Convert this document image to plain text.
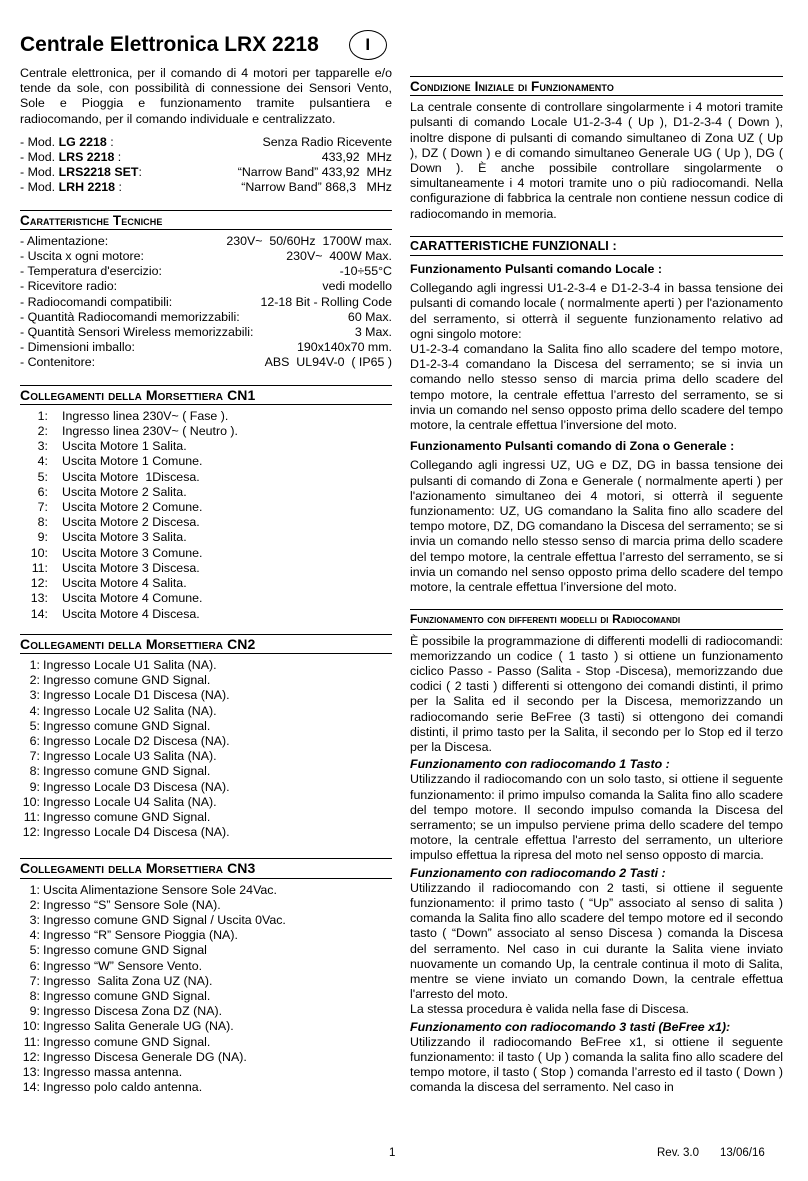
Centrale Elettronica LRX 2218	I

Centrale elettronica, per il comando di 4 motori per tapparelle e/o tende da sole, con possibilità di connessione dei Sensori Vento, Sole e Pioggia e funzionamento tramite pulsantiera e radiocomando, per il comando individuale e centralizzato.

- Mod. LG 2218 :	Senza Radio Ricevente
- Mod. LRS 2218 :	433,92  MHz
- Mod. LRS2218 SET:	“Narrow Band” 433,92  MHz
- Mod. LRH 2218 :	“Narrow Band” 868,3   MHz
Caratteristiche Tecniche
- Alimentazione:	230V~  50/60Hz  1700W max.
- Uscita x ogni motore:	230V~  400W Max.
- Temperatura d'esercizio:	-10÷55°C
- Ricevitore radio:	vedi modello
- Radiocomandi compatibili:	12-18 Bit - Rolling Code
- Quantità Radiocomandi memorizzabili:	60 Max.
- Quantità Sensori Wireless memorizzabili:	3 Max.
- Dimensioni imballo:	190x140x70 mm.
- Contenitore:	ABS  UL94V-0  ( IP65 )
Collegamenti della Morsettiera CN1
1: Ingresso linea 230V~ ( Fase ).
2: Ingresso linea 230V~ ( Neutro ).
3: Uscita Motore 1 Salita.
4: Uscita Motore 1 Comune.
5: Uscita Motore  1Discesa.
6: Uscita Motore 2 Salita.
7: Uscita Motore 2 Comune.
8: Uscita Motore 2 Discesa.
9: Uscita Motore 3 Salita.
10: Uscita Motore 3 Comune.
11: Uscita Motore 3 Discesa.
12: Uscita Motore 4 Salita.
13: Uscita Motore 4 Comune.
14: Uscita Motore 4 Discesa.
Collegamenti della Morsettiera CN2
1: Ingresso Locale U1 Salita (NA).
2: Ingresso comune GND Signal.
3: Ingresso Locale D1 Discesa (NA).
4: Ingresso Locale U2 Salita (NA).
5: Ingresso comune GND Signal.
6: Ingresso Locale D2 Discesa (NA).
7: Ingresso Locale U3 Salita (NA).
8: Ingresso comune GND Signal.
9: Ingresso Locale D3 Discesa (NA).
10: Ingresso Locale U4 Salita (NA).
11: Ingresso comune GND Signal.
12: Ingresso Locale D4 Discesa (NA).
Collegamenti della Morsettiera CN3
1: Uscita Alimentazione Sensore Sole 24Vac.
2: Ingresso “S” Sensore Sole (NA).
3: Ingresso comune GND Signal / Uscita 0Vac.
4: Ingresso “R” Sensore Pioggia (NA).
5: Ingresso comune GND Signal
6: Ingresso “W” Sensore Vento.
7: Ingresso  Salita Zona UZ (NA).
8: Ingresso comune GND Signal.
9: Ingresso Discesa Zona DZ (NA).
10: Ingresso Salita Generale UG (NA).
11: Ingresso comune GND Signal.
12: Ingresso Discesa Generale DG (NA).
13: Ingresso massa antenna.
14: Ingresso polo caldo antenna.
Condizione Iniziale di Funzionamento

La centrale consente di controllare singolarmente i 4 motori tramite pulsanti di comando Locale U1-2-3-4 ( Up ), D1-2-3-4 ( Down ), inoltre dispone di pulsanti di comando simultaneo di Zona UZ ( Up ), DZ ( Down ) e di comando simultaneo Generale UG ( Up ), DG ( Down ). È anche possibile controllare singolarmente o simultaneamente i 4 motori tramite uno o più radiocomandi. Nella configurazione di fabbrica la centrale non contiene nessun codice di radiocomando in memoria.

CARATTERISTICHE FUNZIONALI :

Funzionamento Pulsanti comando Locale :

Collegando agli ingressi U1-2-3-4 e D1-2-3-4 in bassa tensione dei pulsanti di comando locale ( normalmente aperti ) per l'azionamento del serramento, si otterrà il seguente funzionamento relativo ad ogni singolo motore:

U1-2-3-4 comandano la Salita fino allo scadere del tempo motore, D1-2-3-4 comandano la Discesa del serramento; se si invia un comando nello stesso senso di marcia prima dello scadere del tempo motore, la centrale effettua l’arresto del serramento, se si invia un comando nel senso opposto prima dello scadere del tempo motore, la centrale effettua l’inversione del moto.

Funzionamento Pulsanti comando di Zona o Generale :

Collegando agli ingressi UZ, UG e DZ, DG in bassa tensione dei pulsanti di comando di Zona e Generale ( normalmente aperti ) per l'azionamento simultaneo dei 4 motori, si otterrà il seguente funzionamento: UZ, UG comandano la Salita fino allo scadere del tempo motore, DZ, DG comandano la Discesa del serramento; se si invia un comando nello stesso senso di marcia prima dello scadere del tempo motore, la centrale effettua l’arresto del serramento, se si invia un comando nel senso opposto prima dello scadere del tempo motore, la centrale effettua l’inversione del moto.

Funzionamento con differenti modelli di Radiocomandi

È possibile la programmazione di differenti modelli di radiocomandi: memorizzando un codice ( 1 tasto ) si ottiene un funzionamento ciclico Passo - Passo (Salita - Stop -Discesa), memorizzando due codici ( 2 tasti ) differenti si ottengono dei comandi distinti, il primo per la Salita ed il secondo per la Discesa, memorizzando un radiocomando serie BeFree (3 tasti) si ottengono dei comandi distinti, il primo tasto per la Salita, il secondo per lo Stop ed il terzo per la Discesa.

Funzionamento con radiocomando 1 Tasto :

Utilizzando il radiocomando con un solo tasto, si ottiene il seguente funzionamento: il primo impulso comanda la Salita fino allo scadere del tempo motore. Il secondo impulso comanda la Discesa del serramento; se un impulso perviene prima dello scadere del tempo motore, la centrale effettua l'arresto del serramento, un ulteriore impulso effettua la ripresa del moto nel senso opposto di marcia.

Funzionamento con radiocomando 2 Tasti :

Utilizzando il radiocomando con 2 tasti, si ottiene il seguente funzionamento: il primo tasto ( “Up” associato al senso di salita ) comanda la Salita fino allo scadere del tempo motore ed il secondo tasto ( “Down” associato al senso Discesa ) comanda la Discesa del serramento. Nel caso in cui durante la Salita viene inviato nuovamente un comando Up, la centrale continua il moto di Salita, mentre se viene inviato un comando Down, la centrale effettua l'arresto del moto.

La stessa procedura è valida nella fase di Discesa.

Funzionamento con radiocomando 3 tasti (BeFree x1):

Utilizzando il radiocomando BeFree x1, si ottiene il seguente funzionamento: il tasto ( Up ) comanda la salita fino allo scadere del tempo motore, il tasto ( Stop ) comanda l’arresto ed il tasto ( Down ) comanda la discesa del serramento. Nel caso in

1	Rev. 3.0 13/06/16
